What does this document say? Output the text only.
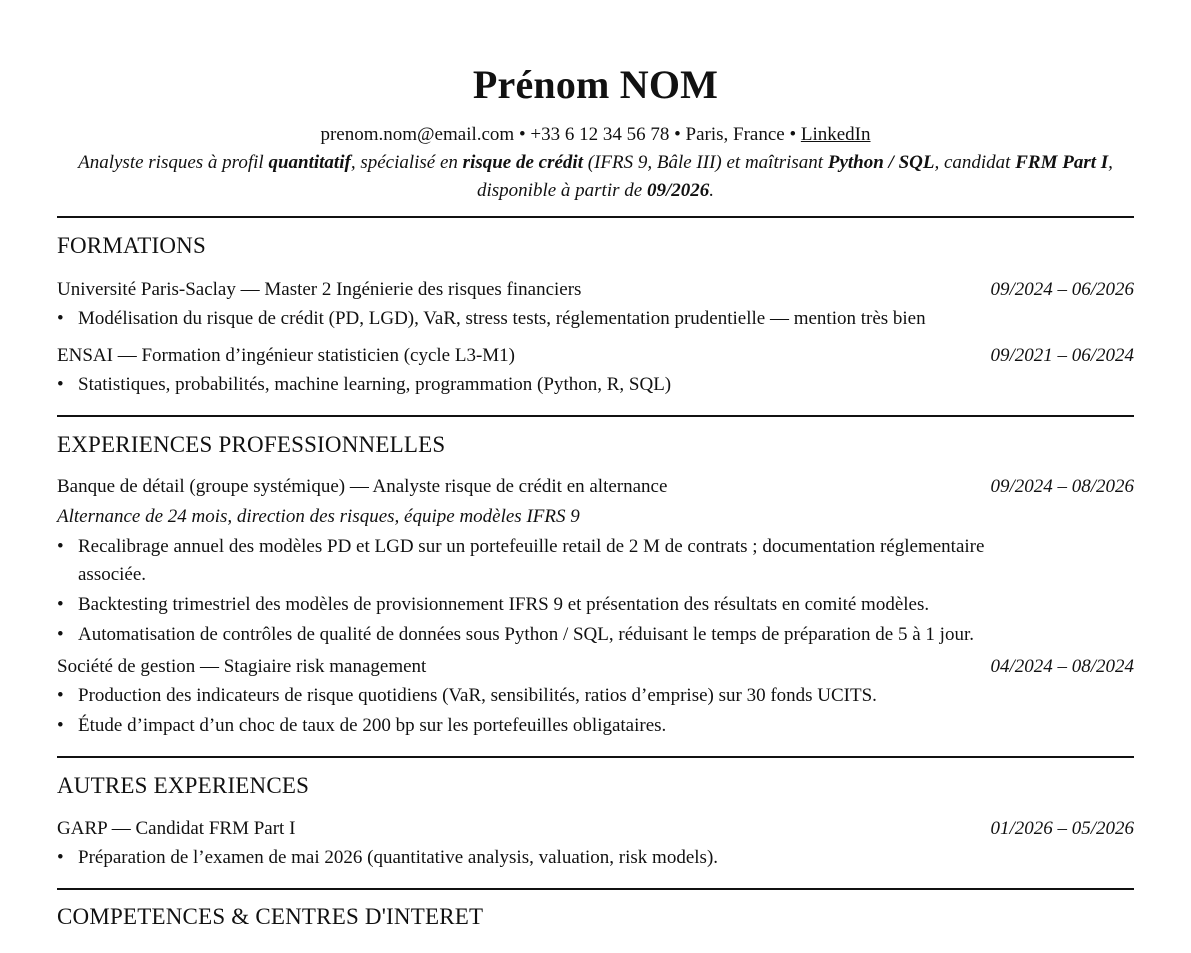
Prénom NOM
prenom.nom@email.com • +33 6 12 34 56 78 • Paris, France • LinkedIn
Analyste risques à profil quantitatif, spécialisé en risque de crédit (IFRS 9, Bâle III) et maîtrisant Python / SQL, candidat FRM Part I, disponible à partir de 09/2026.
FORMATIONS
Université Paris-Saclay — Master 2 Ingénierie des risques financiers	09/2024 – 06/2026
• Modélisation du risque de crédit (PD, LGD), VaR, stress tests, réglementation prudentielle — mention très bien
ENSAI — Formation d’ingénieur statisticien (cycle L3-M1)	09/2021 – 06/2024
• Statistiques, probabilités, machine learning, programmation (Python, R, SQL)
EXPERIENCES PROFESSIONNELLES
Banque de détail (groupe systémique) — Analyste risque de crédit en alternance	09/2024 – 08/2026
Alternance de 24 mois, direction des risques, équipe modèles IFRS 9
• Recalibrage annuel des modèles PD et LGD sur un portefeuille retail de 2 M de contrats ; documentation réglementaire associée.
• Backtesting trimestriel des modèles de provisionnement IFRS 9 et présentation des résultats en comité modèles.
• Automatisation de contrôles de qualité de données sous Python / SQL, réduisant le temps de préparation de 5 à 1 jour.
Société de gestion — Stagiaire risk management	04/2024 – 08/2024
• Production des indicateurs de risque quotidiens (VaR, sensibilités, ratios d’emprise) sur 30 fonds UCITS.
• Étude d’impact d’un choc de taux de 200 bp sur les portefeuilles obligataires.
AUTRES EXPERIENCES
GARP — Candidat FRM Part I	01/2026 – 05/2026
• Préparation de l’examen de mai 2026 (quantitative analysis, valuation, risk models).
COMPETENCES & CENTRES D'INTERET
